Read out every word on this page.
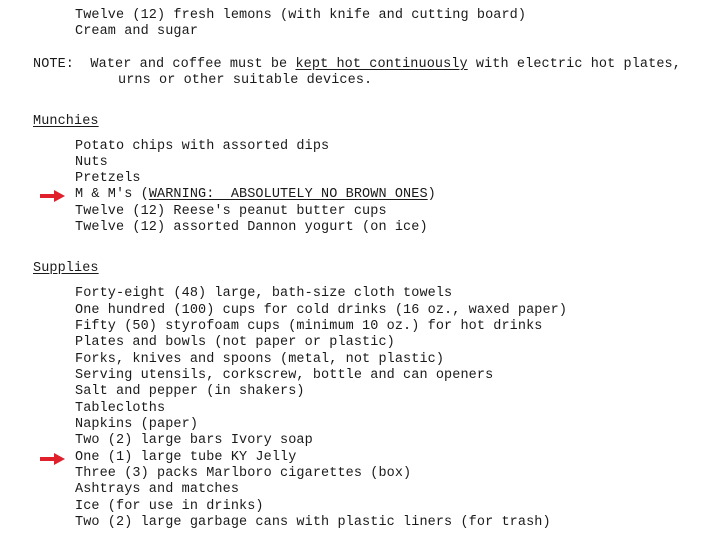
Twelve (12) fresh lemons (with knife and cutting board)
Cream and sugar
NOTE: Water and coffee must be kept hot continuously with electric hot plates,
urns or other suitable devices.
Munchies
Potato chips with assorted dips
Nuts
Pretzels
M & M's (WARNING:  ABSOLUTELY NO BROWN ONES)
Twelve (12) Reese's peanut butter cups
Twelve (12) assorted Dannon yogurt (on ice)
Supplies
Forty-eight (48) large, bath-size cloth towels
One hundred (100) cups for cold drinks (16 oz., waxed paper)
Fifty (50) styrofoam cups (minimum 10 oz.) for hot drinks
Plates and bowls (not paper or plastic)
Forks, knives and spoons (metal, not plastic)
Serving utensils, corkscrew, bottle and can openers
Salt and pepper (in shakers)
Tablecloths
Napkins (paper)
Two (2) large bars Ivory soap
One (1) large tube KY Jelly
Three (3) packs Marlboro cigarettes (box)
Ashtrays and matches
Ice (for use in drinks)
Two (2) large garbage cans with plastic liners (for trash)
